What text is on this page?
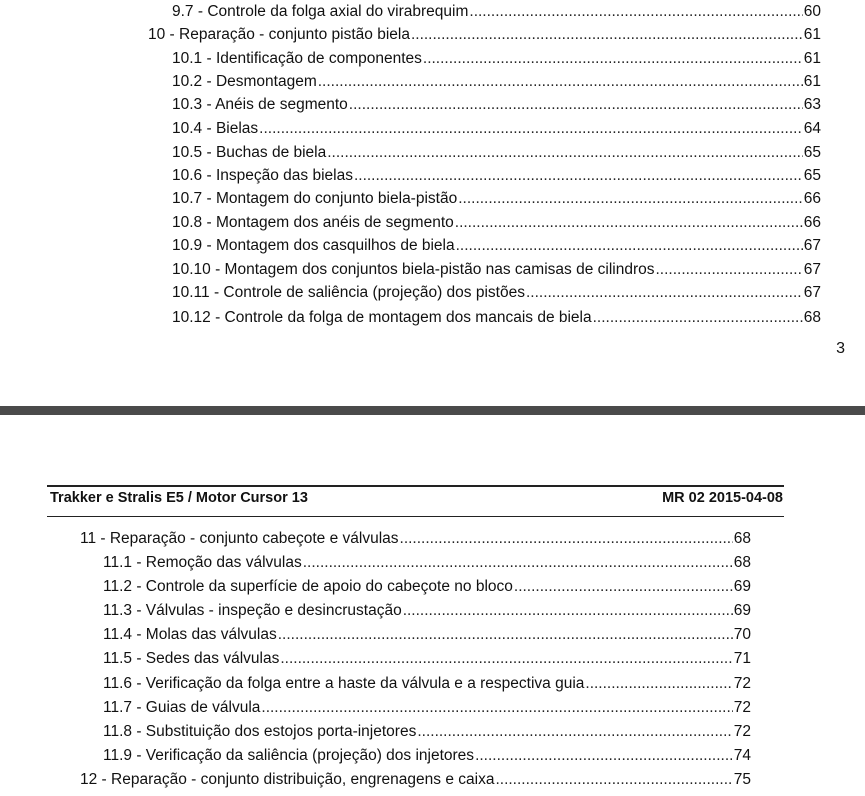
9.7 - Controle da folga axial do virabrequim .....	60
10 - Reparação - conjunto pistão biela .....	61
10.1 - Identificação de componentes .....	61
10.2 - Desmontagem .....	61
10.3 - Anéis de segmento .....	63
10.4 - Bielas .....	64
10.5 - Buchas de biela .....	65
10.6 - Inspeção das bielas .....	65
10.7 - Montagem do conjunto biela-pistão .....	66
10.8 - Montagem dos anéis de segmento .....	66
10.9 - Montagem dos casquilhos de biela .....	67
10.10 - Montagem dos conjuntos biela-pistão nas camisas de cilindros .....	67
10.11 - Controle de saliência (projeção) dos pistões .....	67
10.12 - Controle da folga de montagem dos mancais de biela .....	68
3
Trakker e Stralis E5 / Motor Cursor 13	MR 02 2015-04-08
11 - Reparação - conjunto cabeçote e válvulas .....	68
11.1 - Remoção das válvulas .....	68
11.2 - Controle da superfície de apoio do cabeçote no bloco .....	69
11.3 - Válvulas - inspeção e desincrustação .....	69
11.4 - Molas das válvulas .....	70
11.5 - Sedes das válvulas .....	71
11.6 - Verificação da folga entre a haste da válvula e a respectiva guia .....	72
11.7 - Guias de válvula .....	72
11.8 - Substituição dos estojos porta-injetores .....	72
11.9 - Verificação da saliência (projeção) dos injetores .....	74
12 - Reparação - conjunto distribuição, engrenagens e caixa .....	75
